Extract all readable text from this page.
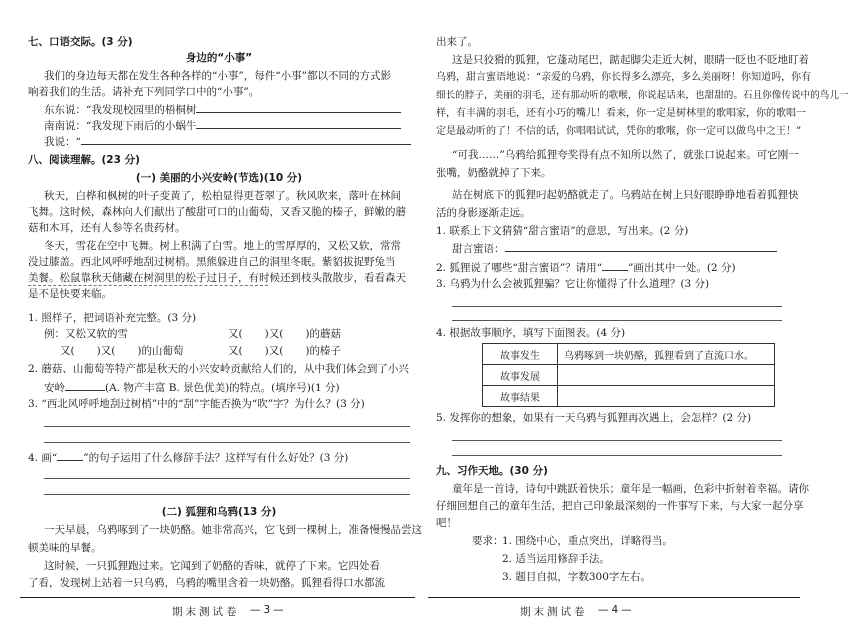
七、口语交际。(3 分)
身边的“小事”
我们的身边每天都在发生各种各样的“小事”，每件“小事”都以不同的方式影
响着我们的生活。请补充下列同学口中的“小事”。
东东说：“我发现校园里的梧桐树
南南说：“我发现下雨后的小蜗牛
我说：“
八、阅读理解。(23 分)
(一) 美丽的小兴安岭(节选)(10 分)
秋天，白桦和枫树的叶子变黄了，松柏显得更苍翠了。秋风吹来，落叶在林间
飞舞。这时候，森林向人们献出了酸甜可口的山葡萄，又香又脆的榛子，鲜嫩的蘑
菇和木耳，还有人参等名贵药材。
冬天，雪花在空中飞舞。树上积满了白雪。地上的雪厚厚的，又松又软，常常
没过膝盖。西北风呼呼地刮过树梢。黑熊躲进自己的洞里冬眠。紫貂拔捉野兔当
美餐。松鼠靠秋天储藏在树洞里的松子过日子，有时候还到枝头散散步，看看森天
是不是快要来临。
1. 照样子，把词语补充完整。(3 分)
例：又松又软的雪	又( )又( )的蘑菇
又( )又( )的山葡萄	又( )又( )的榛子
2. 蘑菇、山葡萄等特产都是秋天的小兴安岭贡献给人们的，从中我们体会到了小兴
安岭	(A. 物产丰富 B. 景色优美)的特点。(填序号)(1 分)
3. “西北风呼呼地刮过树梢”中的“刮”字能否换为“吹”字？为什么？(3 分)
4. 画“ ”的句子运用了什么修辞手法？这样写有什么好处？(3 分)
(二) 狐狸和乌鸦(13 分)
一天早晨，乌鸦啄到了一块奶酪。她非常高兴，它飞到一棵树上，准备慢慢品尝这
顿美味的早餐。
这时候，一只狐狸跑过来。它闻到了奶酪的香味，就停了下来。它四处看
了看，发现树上站着一只乌鸦，乌鸦的嘴里含着一块奶酪。狐狸看得口水都流
期末测试卷 —3—
出来了。
这是只狡猾的狐狸，它蓬动尾巴，踮起脚尖走近大树，眼睛一眨也不眨地盯着
乌鸦，甜言蜜语地说：“亲爱的乌鸦，你长得多么漂亮，多么美丽呀！你知道吗，你有
细长的脖子，美丽的羽毛，还有那动听的歌喉，你说起话来，也甜甜的。石且你像传说中的鸟儿一
样，有丰满的羽毛，还有小巧的嘴儿！看来，你一定是树林里的歌唱家，你的歌唱一
定是最动听的了！不信的话，你唱唱试试，凭你的歌喉，你一定可以做鸟中之王！”
“可我……”乌鸦给狐狸夸奖得有点不知所以然了，就张口说起来。可它刚一
张嘴，奶酪就掉了下来。
站在树底下的狐狸叼起奶酪就走了。乌鸦站在树上只好眼睁睁地看着狐狸快
活的身影逐渐走远。
1. 联系上下文猜猜“甜言蜜语”的意思，写出来。(2 分)
甜言蜜语：
2. 狐狸说了哪些“甜言蜜语”？请用“ ”画出其中一处。(2 分)
3. 乌鸦为什么会被狐狸骗？它让你懂得了什么道理？(3 分)
4. 根据故事顺序，填写下面图表。(4 分)
故事发生	乌鸦啄到一块奶酪，狐狸看到了直流口水。
故事发展	
故事结果	
5. 发挥你的想象，如果有一天乌鸦与狐狸再次遇上，会怎样？(2 分)
九、习作天地。(30 分)
童年是一首诗，诗句中跳跃着快乐；童年是一幅画，色彩中折射着幸福。请你
仔细回想自己的童年生活，把自己印象最深刻的一件事写下来，与大家一起分享
吧！
要求：
1. 围绕中心，重点突出，详略得当。
2. 适当运用修辞手法。
3. 题目自拟，字数300字左右。
期末测试卷 —4—
